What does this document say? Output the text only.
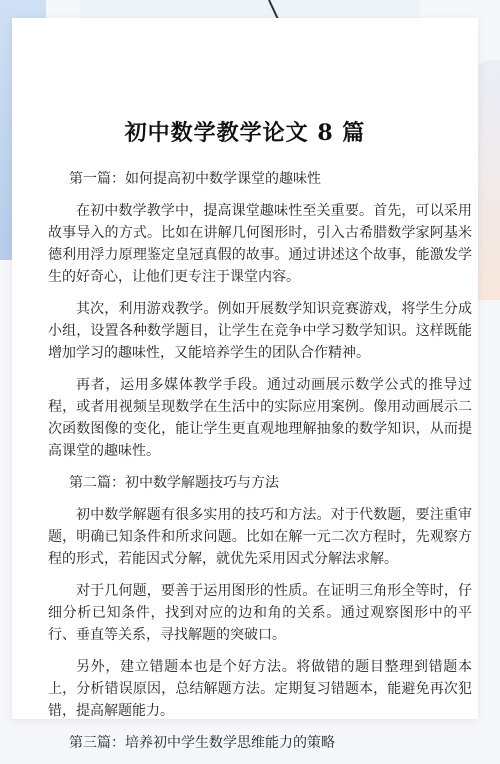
初中数学教学论文 8 篇

第一篇：如何提高初中数学课堂的趣味性

在初中数学教学中，提高课堂趣味性至关重要。首先，可以采用故事导入的方式。比如在讲解几何图形时，引入古希腊数学家阿基米德利用浮力原理鉴定皇冠真假的故事。通过讲述这个故事，能激发学生的好奇心，让他们更专注于课堂内容。

其次，利用游戏教学。例如开展数学知识竞赛游戏，将学生分成小组，设置各种数学题目，让学生在竞争中学习数学知识。这样既能增加学习的趣味性，又能培养学生的团队合作精神。

再者，运用多媒体教学手段。通过动画展示数学公式的推导过程，或者用视频呈现数学在生活中的实际应用案例。像用动画展示二次函数图像的变化，能让学生更直观地理解抽象的数学知识，从而提高课堂的趣味性。

第二篇：初中数学解题技巧与方法

初中数学解题有很多实用的技巧和方法。对于代数题，要注重审题，明确已知条件和所求问题。比如在解一元二次方程时，先观察方程的形式，若能因式分解，就优先采用因式分解法求解。

对于几何题，要善于运用图形的性质。在证明三角形全等时，仔细分析已知条件，找到对应的边和角的关系。通过观察图形中的平行、垂直等关系，寻找解题的突破口。

另外，建立错题本也是个好方法。将做错的题目整理到错题本上，分析错误原因，总结解题方法。定期复习错题本，能避免再次犯错，提高解题能力。

第三篇：培养初中学生数学思维能力的策略
